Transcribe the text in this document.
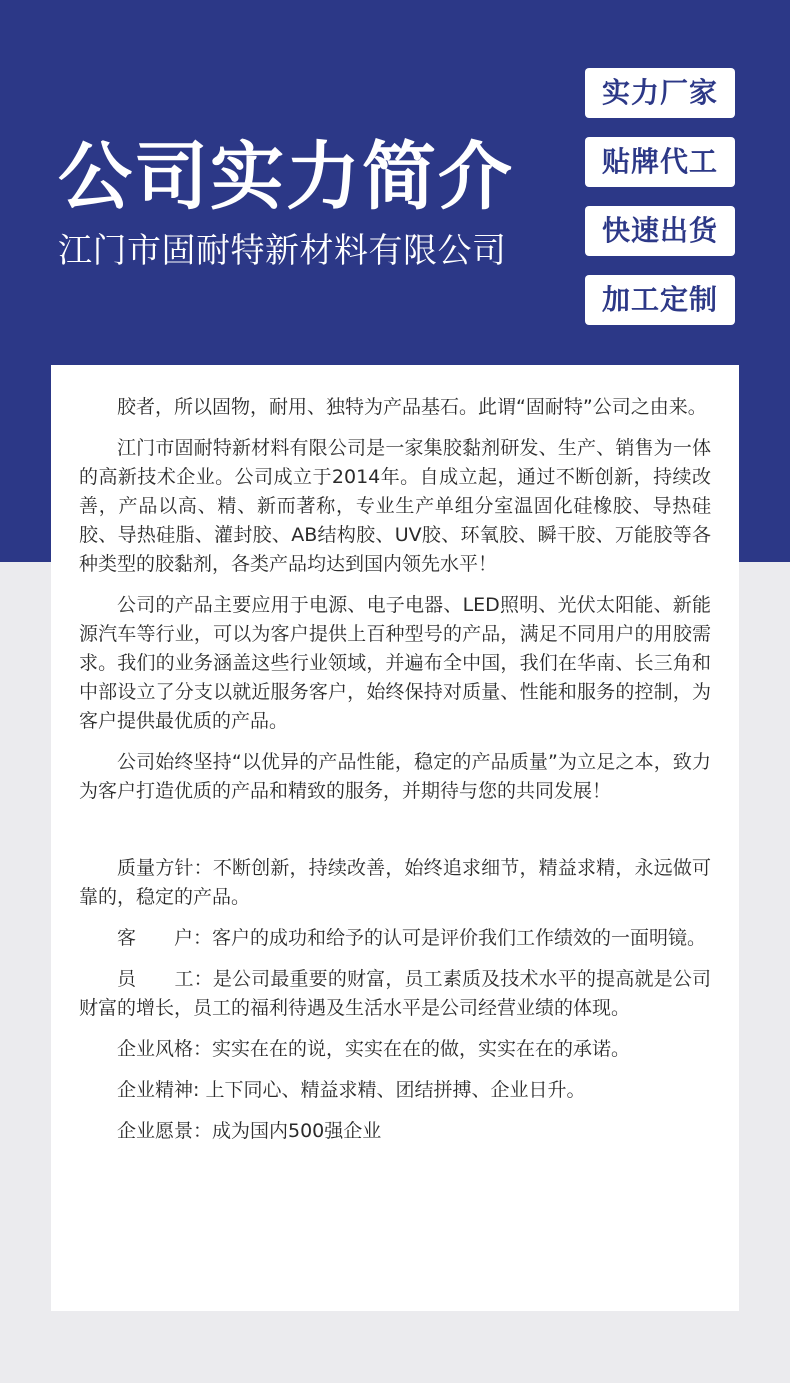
公司实力简介
江门市固耐特新材料有限公司
实力厂家
贴牌代工
快速出货
加工定制

胶者，所以固物，耐用、独特为产品基石。此谓“固耐特”公司之由来。

江门市固耐特新材料有限公司是一家集胶黏剂研发、生产、销售为一体的高新技术企业。公司成立于2014年。自成立起，通过不断创新，持续改善，产品以高、精、新而著称，专业生产单组分室温固化硅橡胶、导热硅胶、导热硅脂、灌封胶、AB结构胶、UV胶、环氧胶、瞬干胶、万能胶等各种类型的胶黏剂，各类产品均达到国内领先水平！

公司的产品主要应用于电源、电子电器、LED照明、光伏太阳能、新能源汽车等行业，可以为客户提供上百种型号的产品，满足不同用户的用胶需求。我们的业务涵盖这些行业领域，并遍布全中国，我们在华南、长三角和中部设立了分支以就近服务客户，始终保持对质量、性能和服务的控制，为客户提供最优质的产品。

公司始终坚持“以优异的产品性能，稳定的产品质量”为立足之本，致力为客户打造优质的产品和精致的服务，并期待与您的共同发展！

质量方针：不断创新，持续改善，始终追求细节，精益求精，永远做可靠的，稳定的产品。

客　　户：客户的成功和给予的认可是评价我们工作绩效的一面明镜。

员　　工：是公司最重要的财富，员工素质及技术水平的提高就是公司财富的增长，员工的福利待遇及生活水平是公司经营业绩的体现。

企业风格：实实在在的说，实实在在的做，实实在在的承诺。

企业精神: 上下同心、精益求精、团结拼搏、企业日升。

企业愿景：成为国内500强企业
